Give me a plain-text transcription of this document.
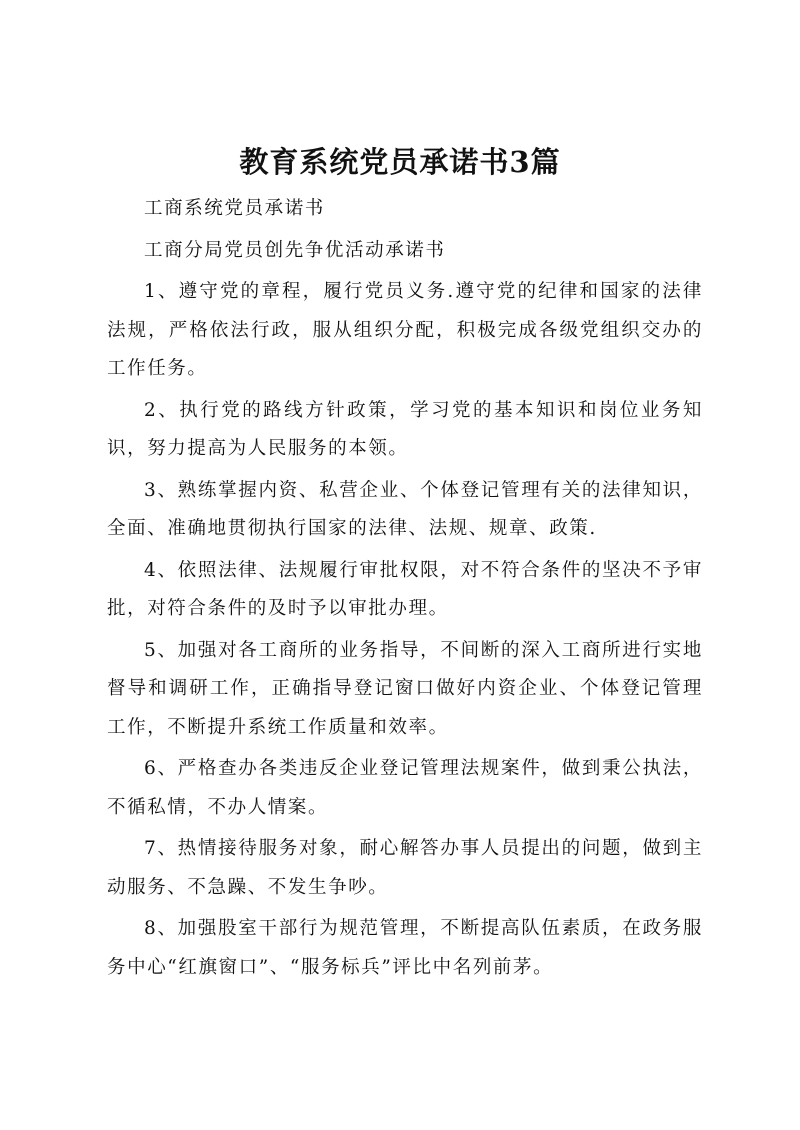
教育系统党员承诺书3篇

工商系统党员承诺书

工商分局党员创先争优活动承诺书

1、遵守党的章程，履行党员义务.遵守党的纪律和国家的法律法规，严格依法行政，服从组织分配，积极完成各级党组织交办的工作任务。

2、执行党的路线方针政策，学习党的基本知识和岗位业务知识，努力提高为人民服务的本领。

3、熟练掌握内资、私营企业、个体登记管理有关的法律知识，全面、准确地贯彻执行国家的法律、法规、规章、政策.

4、依照法律、法规履行审批权限，对不符合条件的坚决不予审批，对符合条件的及时予以审批办理。

5、加强对各工商所的业务指导，不间断的深入工商所进行实地督导和调研工作，正确指导登记窗口做好内资企业、个体登记管理工作，不断提升系统工作质量和效率。

6、严格查办各类违反企业登记管理法规案件，做到秉公执法，不循私情，不办人情案。

7、热情接待服务对象，耐心解答办事人员提出的问题，做到主动服务、不急躁、不发生争吵。

8、加强股室干部行为规范管理，不断提高队伍素质，在政务服务中心“红旗窗口”、“服务标兵”评比中名列前茅。
